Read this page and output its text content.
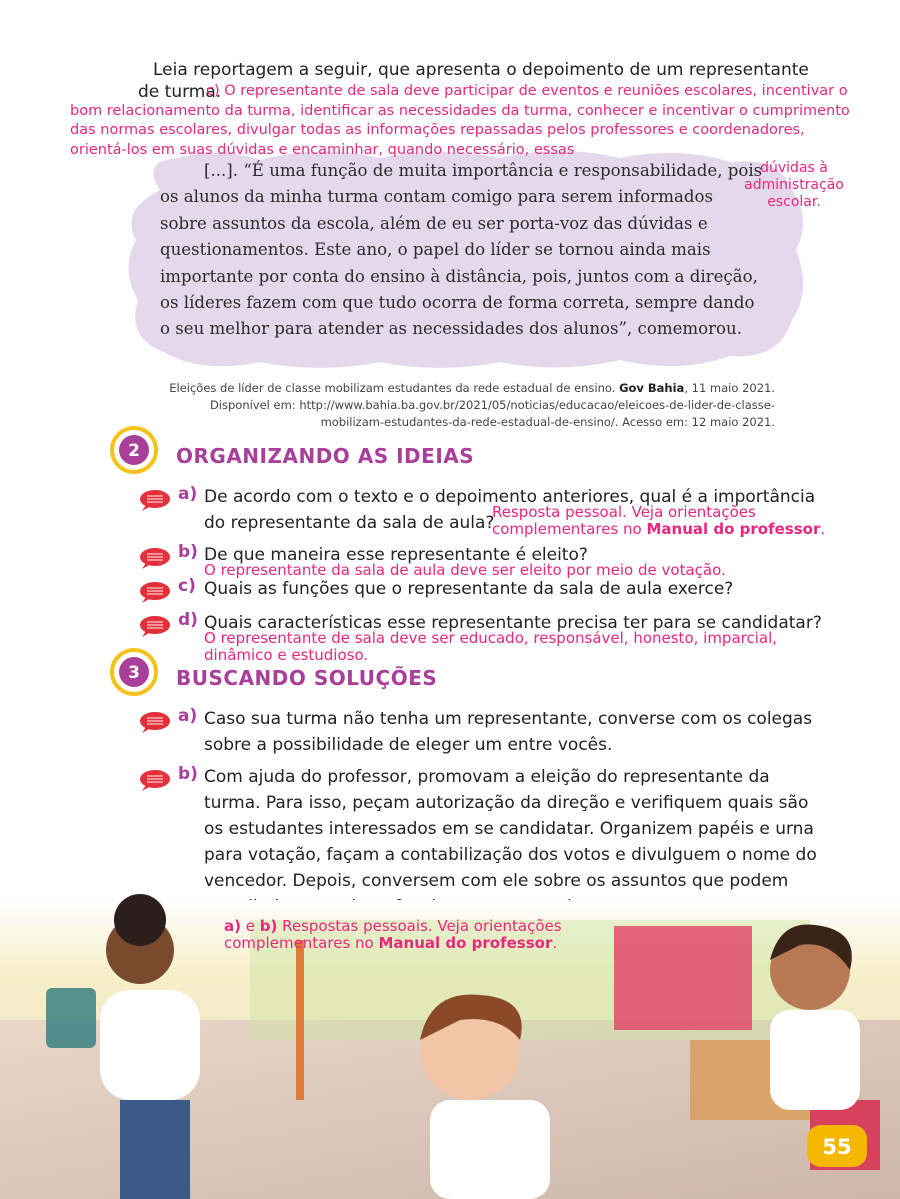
Leia reportagem a seguir, que apresenta o depoimento de um representante

de turma.

c) O representante de sala deve participar de eventos e reuniões escolares, incentivar o bom relacionamento da turma, identificar as necessidades da turma, conhecer e incentivar o cumprimento das normas escolares, divulgar todas as informações repassadas pelos professores e coordenadores, orientá-los em suas dúvidas e encaminhar, quando necessário, essas

[...]. “É uma função de muita importância e responsabilidade, pois

os alunos da minha turma contam comigo para serem informados

sobre assuntos da escola, além de eu ser porta-voz das dúvidas e

questionamentos. Este ano, o papel do líder se tornou ainda mais

importante por conta do ensino à distância, pois, juntos com a direção,

os líderes fazem com que tudo ocorra de forma correta, sempre dando

o seu melhor para atender as necessidades dos alunos”, comemorou.

dúvidas à administração escolar.

Eleições de líder de classe mobilizam estudantes da rede estadual de ensino. Gov Bahia, 11 maio 2021.

Disponível em: http://www.bahia.ba.gov.br/2021/05/noticias/educacao/eleicoes-de-lider-de-classe-

mobilizam-estudantes-da-rede-estadual-de-ensino/. Acesso em: 12 maio 2021.

2 ORGANIZANDO AS IDEIAS
a) De acordo com o texto e o depoimento anteriores, qual é a importância

do representante da sala de aula?

Resposta pessoal. Veja orientações

complementares no Manual do professor.

b) De que maneira esse representante é eleito?

O representante da sala de aula deve ser eleito por meio de votação.

c) Quais as funções que o representante da sala de aula exerce?

d) Quais características esse representante precisa ter para se candidatar?

O representante de sala deve ser educado, responsável, honesto, imparcial,

dinâmico e estudioso.

3 BUSCANDO SOLUÇÕES
a) Caso sua turma não tenha um representante, converse com os colegas

sobre a possibilidade de eleger um entre vocês.

b) Com ajuda do professor, promovam a eleição do representante da

turma. Para isso, peçam autorização da direção e verifiquem quais são

os estudantes interessados em se candidatar. Organizem papéis e urna

para votação, façam a contabilização dos votos e divulguem o nome do

vencedor. Depois, conversem com ele sobre os assuntos que podem

a) e b) Respostas pessoais. Veja orientações

complementares no Manual do professor.

55
